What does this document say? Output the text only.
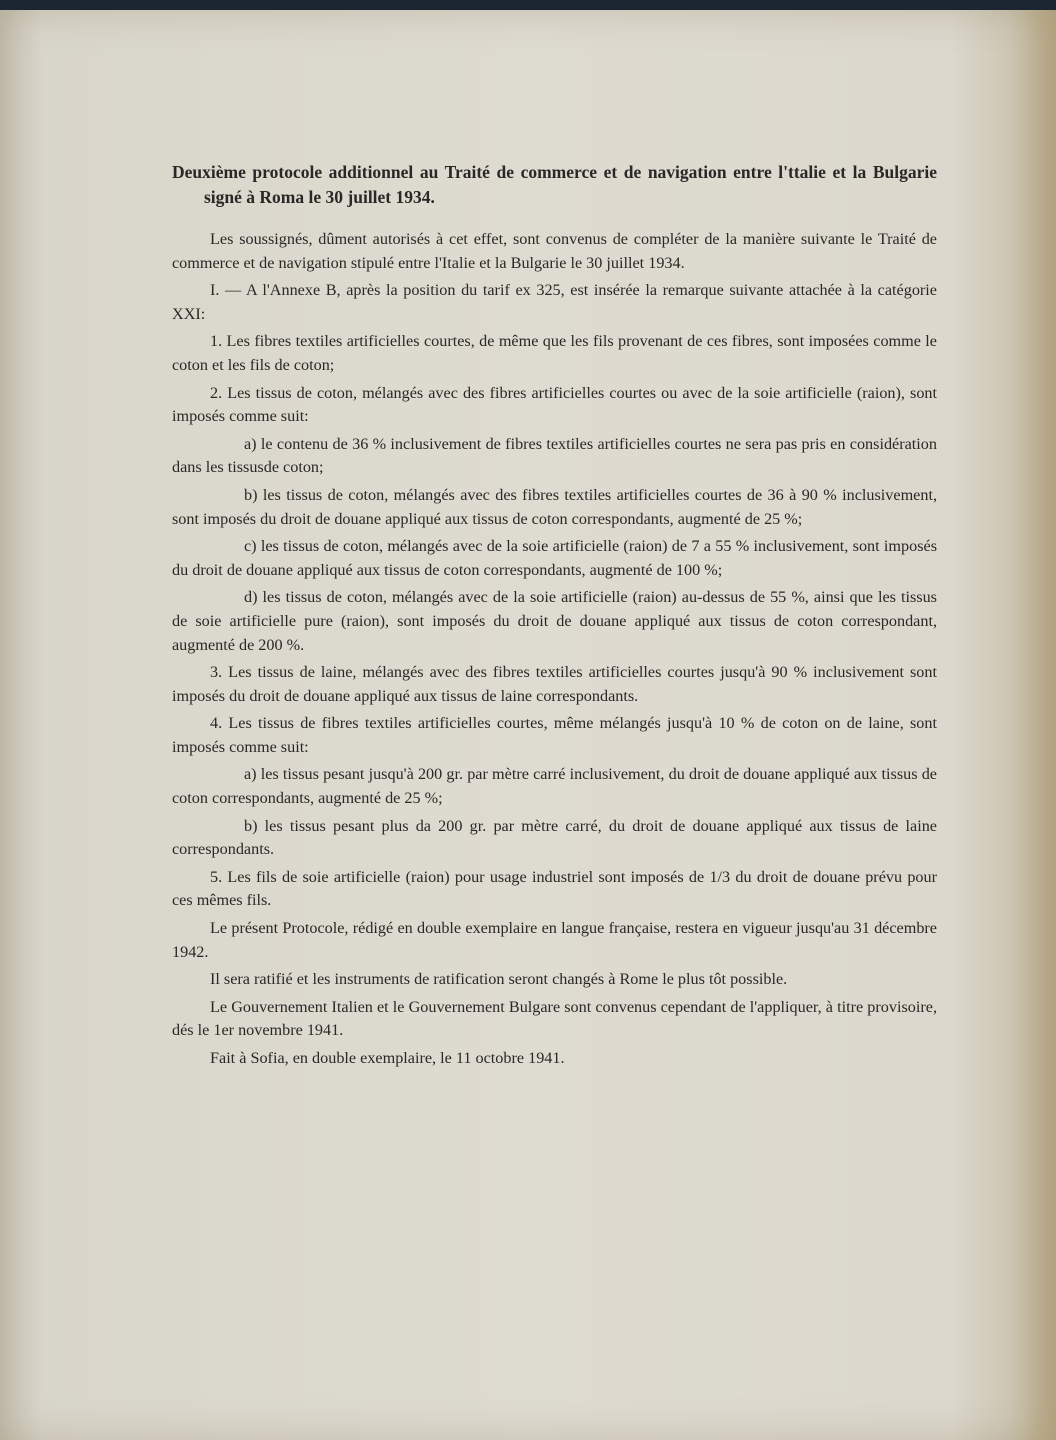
Deuxième protocole additionnel au Traité de commerce et de navigation entre l'ttalie et la Bulgarie signé à Roma le 30 juillet 1934.

Les soussignés, dûment autorisés à cet effet, sont convenus de compléter de la manière suivante le Traité de commerce et de navigation stipulé entre l'Italie et la Bulgarie le 30 juillet 1934.

I. — A l'Annexe B, après la position du tarif ex 325, est insérée la remarque suivante attachée à la catégorie XXI:

1. Les fibres textiles artificielles courtes, de même que les fils provenant de ces fibres, sont imposées comme le coton et les fils de coton;

2. Les tissus de coton, mélangés avec des fibres artificielles courtes ou avec de la soie artificielle (raion), sont imposés comme suit:

a) le contenu de 36 % inclusivement de fibres textiles artificielles courtes ne sera pas pris en considération dans les tissusde coton;

b) les tissus de coton, mélangés avec des fibres textiles artificielles courtes de 36 à 90 % inclusivement, sont imposés du droit de douane appliqué aux tissus de coton correspondants, augmenté de 25 %;

c) les tissus de coton, mélangés avec de la soie artificielle (raion) de 7 a 55 % inclusivement, sont imposés du droit de douane appliqué aux tissus de coton correspondants, augmenté de 100 %;

d) les tissus de coton, mélangés avec de la soie artificielle (raion) au-dessus de 55 %, ainsi que les tissus de soie artificielle pure (raion), sont imposés du droit de douane appliqué aux tissus de coton correspondant, augmenté de 200 %.

3. Les tissus de laine, mélangés avec des fibres textiles artificielles courtes jusqu'à 90 % inclusivement sont imposés du droit de douane appliqué aux tissus de laine correspondants.

4. Les tissus de fibres textiles artificielles courtes, même mélangés jusqu'à 10 % de coton on de laine, sont imposés comme suit:

a) les tissus pesant jusqu'à 200 gr. par mètre carré inclusivement, du droit de douane appliqué aux tissus de coton correspondants, augmenté de 25 %;

b) les tissus pesant plus da 200 gr. par mètre carré, du droit de douane appliqué aux tissus de laine correspondants.

5. Les fils de soie artificielle (raion) pour usage industriel sont imposés de 1/3 du droit de douane prévu pour ces mêmes fils.

Le présent Protocole, rédigé en double exemplaire en langue française, restera en vigueur jusqu'au 31 décembre 1942.

Il sera ratifié et les instruments de ratification seront changés à Rome le plus tôt possible.

Le Gouvernement Italien et le Gouvernement Bulgare sont convenus cependant de l'appliquer, à titre provisoire, dés le 1er novembre 1941.

Fait à Sofia, en double exemplaire, le 11 octobre 1941.
